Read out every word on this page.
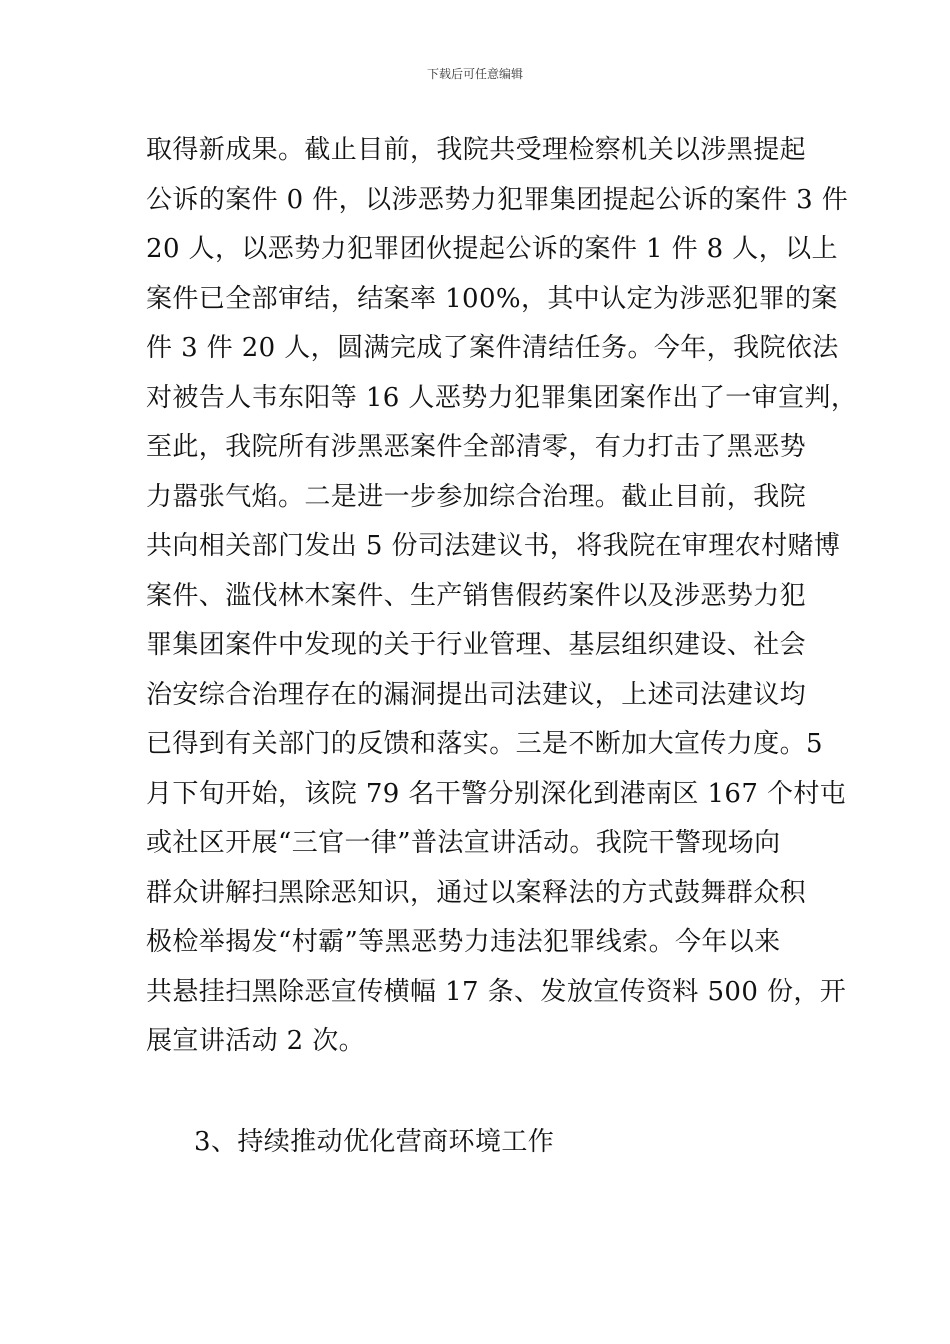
下载后可任意编辑
取得新成果。截止目前，我院共受理检察机关以涉黑提起
公诉的案件 0 件，以涉恶势力犯罪集团提起公诉的案件 3 件
20 人，以恶势力犯罪团伙提起公诉的案件 1 件 8 人，以上
案件已全部审结，结案率 100%，其中认定为涉恶犯罪的案
件 3 件 20 人，圆满完成了案件清结任务。今年，我院依法
对被告人韦东阳等 16 人恶势力犯罪集团案作出了一审宣判，
至此，我院所有涉黑恶案件全部清零，有力打击了黑恶势
力嚣张气焰。二是进一步参加综合治理。截止目前，我院
共向相关部门发出 5 份司法建议书，将我院在审理农村赌博
案件、滥伐林木案件、生产销售假药案件以及涉恶势力犯
罪集团案件中发现的关于行业管理、基层组织建设、社会
治安综合治理存在的漏洞提出司法建议，上述司法建议均
已得到有关部门的反馈和落实。三是不断加大宣传力度。5
月下旬开始，该院 79 名干警分别深化到港南区 167 个村屯
或社区开展“三官一律”普法宣讲活动。我院干警现场向
群众讲解扫黑除恶知识，通过以案释法的方式鼓舞群众积
极检举揭发“村霸”等黑恶势力违法犯罪线索。今年以来
共悬挂扫黑除恶宣传横幅 17 条、发放宣传资料 500 份，开
展宣讲活动 2 次。
3、持续推动优化营商环境工作
